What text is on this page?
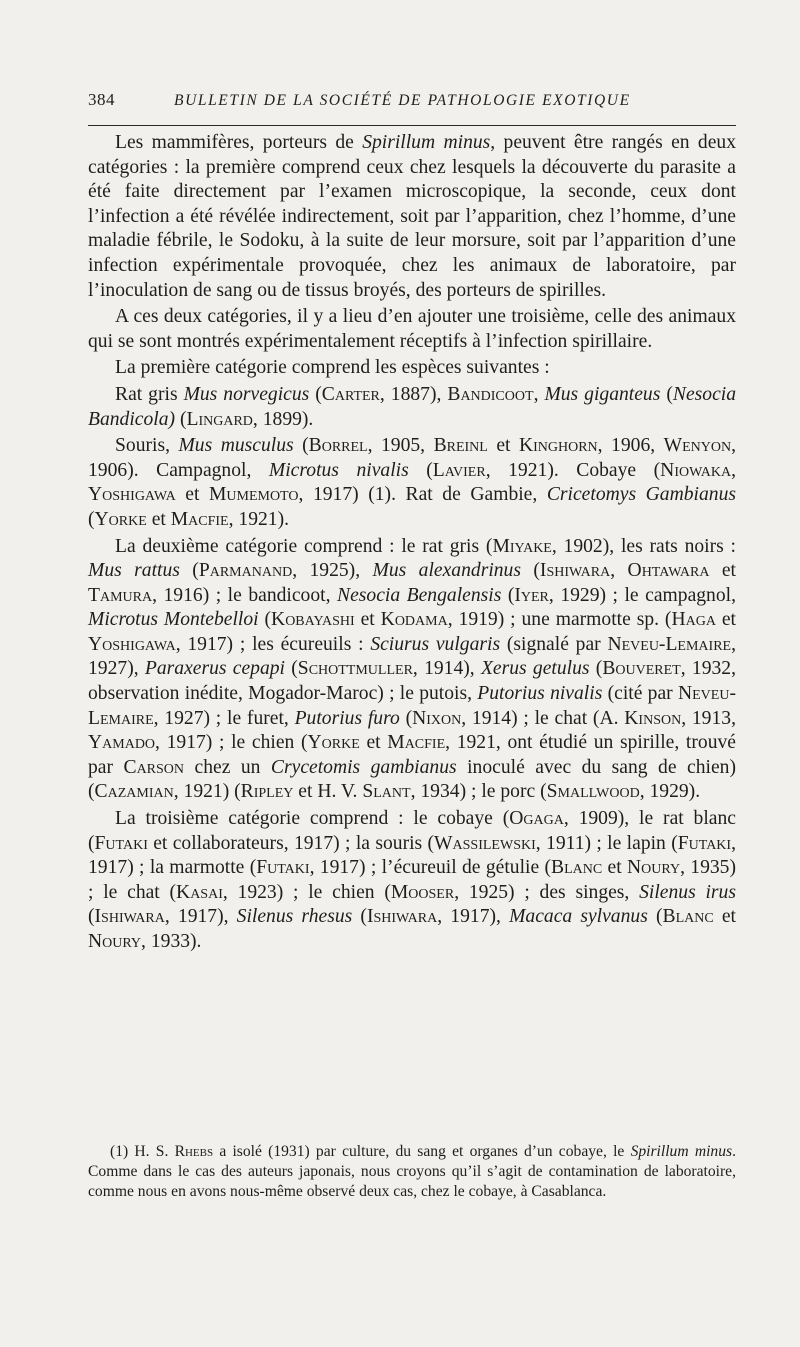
384	BULLETIN DE LA SOCIÉTÉ DE PATHOLOGIE EXOTIQUE

Les mammifères, porteurs de Spirillum minus, peuvent être rangés en deux catégories : la première comprend ceux chez lesquels la découverte du parasite a été faite directement par l’examen microscopique, la seconde, ceux dont l’infection a été révélée indirectement, soit par l’apparition, chez l’homme, d’une maladie fébrile, le Sodoku, à la suite de leur morsure, soit par l’apparition d’une infection expérimentale provoquée, chez les animaux de laboratoire, par l’inoculation de sang ou de tissus broyés, des porteurs de spirilles.

A ces deux catégories, il y a lieu d’en ajouter une troisième, celle des animaux qui se sont montrés expérimentalement réceptifs à l’infection spirillaire.

La première catégorie comprend les espèces suivantes :

Rat gris Mus norvegicus (Carter, 1887), Bandicoot, Mus giganteus (Nesocia Bandicola) (Lingard, 1899).

Souris, Mus musculus (Borrel, 1905, Breinl et Kinghorn, 1906, Wenyon, 1906). Campagnol, Microtus nivalis (Lavier, 1921). Cobaye (Niowaka, Yoshigawa et Mumemoto, 1917) (1). Rat de Gambie, Cricetomys Gambianus (Yorke et Macfie, 1921).

La deuxième catégorie comprend : le rat gris (Miyake, 1902), les rats noirs : Mus rattus (Parmanand, 1925), Mus alexandrinus (Ishiwara, Ohtawara et Tamura, 1916) ; le bandicoot, Nesocia Bengalensis (Iyer, 1929) ; le campagnol, Microtus Montebelloi (Kobayashi et Kodama, 1919) ; une marmotte sp. (Haga et Yoshigawa, 1917) ; les écureuils : Sciurus vulgaris (signalé par Neveu-Lemaire, 1927), Paraxerus cepapi (Schottmuller, 1914), Xerus getulus (Bouveret, 1932, observation inédite, Mogador-Maroc) ; le putois, Putorius nivalis (cité par Neveu-Lemaire, 1927) ; le furet, Putorius furo (Nixon, 1914) ; le chat (A. Kinson, 1913, Yamado, 1917) ; le chien (Yorke et Macfie, 1921, ont étudié un spirille, trouvé par Carson chez un Crycetomis gambianus inoculé avec du sang de chien) (Cazamian, 1921) (Ripley et H. V. Slant, 1934) ; le porc (Smallwood, 1929).

La troisième catégorie comprend : le cobaye (Ogaga, 1909), le rat blanc (Futaki et collaborateurs, 1917) ; la souris (Wassilewski, 1911) ; le lapin (Futaki, 1917) ; la marmotte (Futaki, 1917) ; l’écureuil de gétulie (Blanc et Noury, 1935) ; le chat (Kasai, 1923) ; le chien (Mooser, 1925) ; des singes, Silenus irus (Ishiwara, 1917), Silenus rhesus (Ishiwara, 1917), Macaca sylvanus (Blanc et Noury, 1933).

(1) H. S. Rhebs a isolé (1931) par culture, du sang et organes d’un cobaye, le Spirillum minus. Comme dans le cas des auteurs japonais, nous croyons qu’il s’agit de contamination de laboratoire, comme nous en avons nous-même observé deux cas, chez le cobaye, à Casablanca.
